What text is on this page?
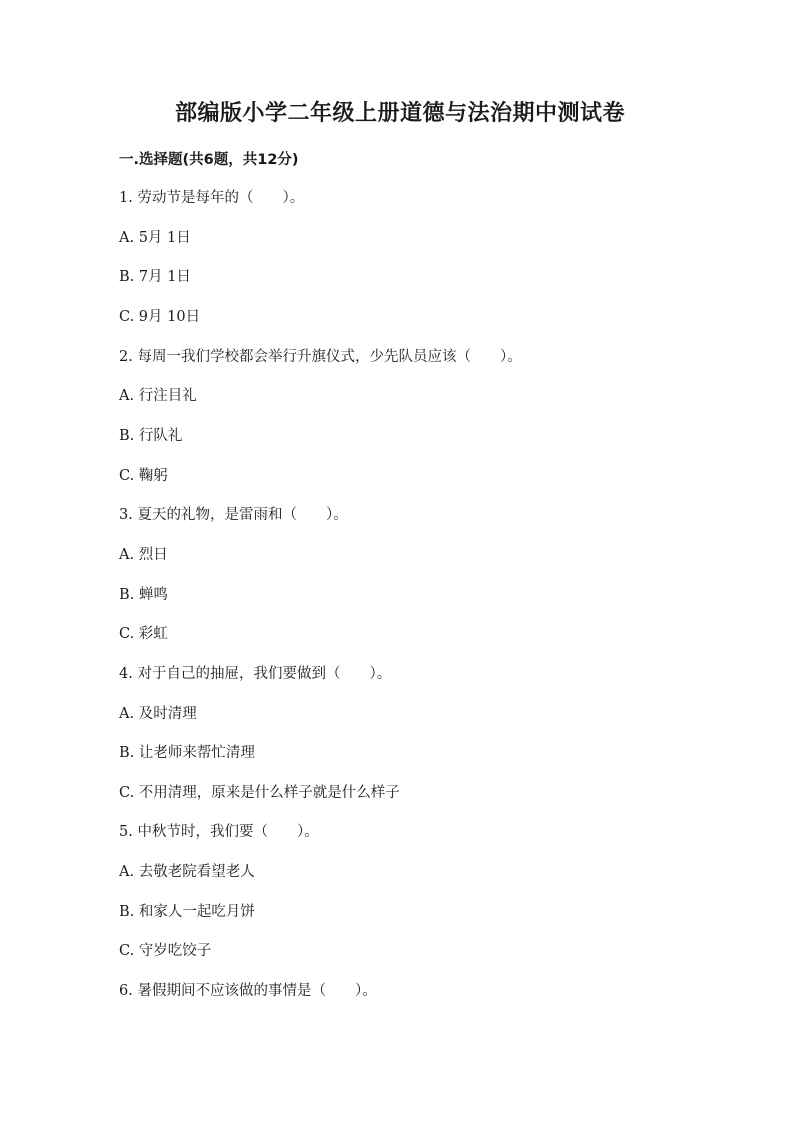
部编版小学二年级上册道德与法治期中测试卷
一.选择题(共6题，共12分)
1. 劳动节是每年的（　　）。
A. 5月 1日
B. 7月 1日
C. 9月 10日
2. 每周一我们学校都会举行升旗仪式，少先队员应该（　　）。
A. 行注目礼
B. 行队礼
C. 鞠躬
3. 夏天的礼物，是雷雨和（　　）。
A. 烈日
B. 蝉鸣
C. 彩虹
4. 对于自己的抽屉，我们要做到（　　）。
A. 及时清理
B. 让老师来帮忙清理
C. 不用清理，原来是什么样子就是什么样子
5. 中秋节时，我们要（　　）。
A. 去敬老院看望老人
B. 和家人一起吃月饼
C. 守岁吃饺子
6. 暑假期间不应该做的事情是（　　）。
